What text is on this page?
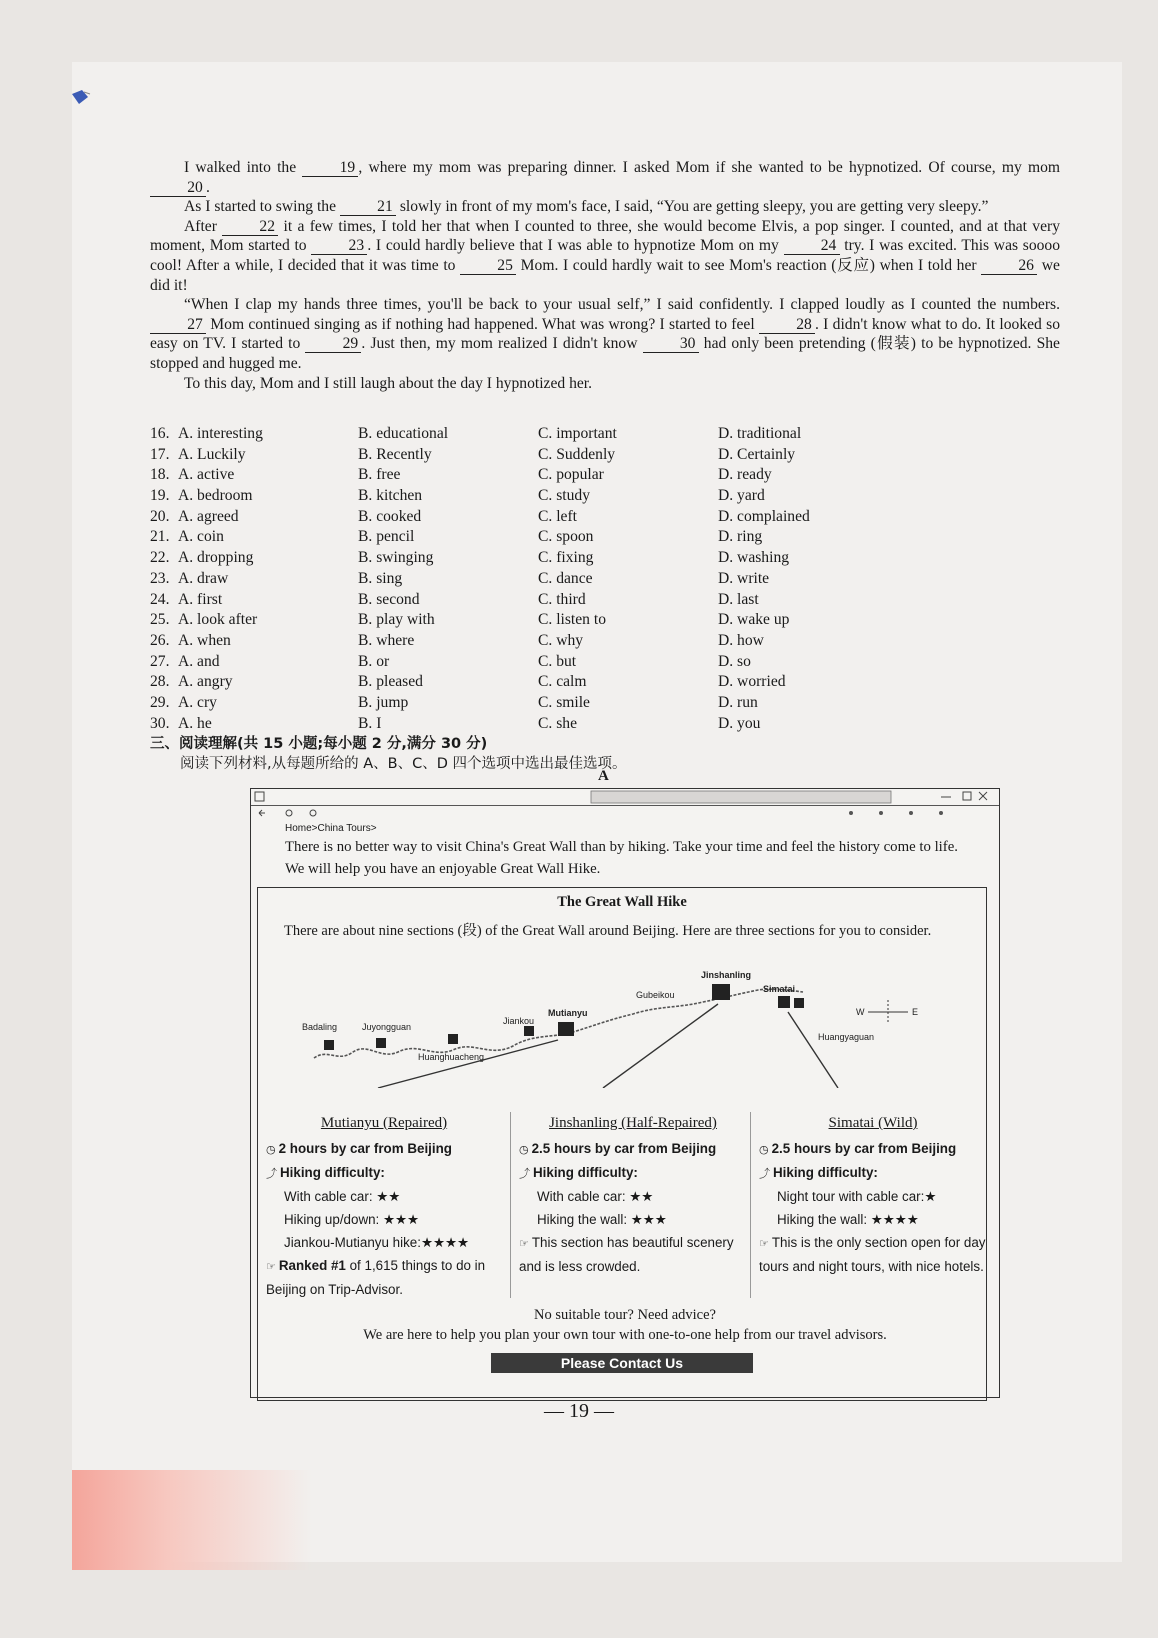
I walked into the	19 , where my mom was preparing dinner. I asked Mom if she wanted to be hypnotized. Of course, my mom 20 .

As I started to swing the	21 slowly in front of my mom's face, I said, “You are getting sleepy, you are getting very sleepy.”

After	22 it a few times, I told her that when I counted to three, she would become Elvis, a pop singer. I counted, and at that very moment, Mom started to	23 . I could hardly believe that I was able to hypnotize Mom on my	24 try. I was excited. This was soooo cool! After a while, I decided that it was time to	25 Mom. I could hardly wait to see Mom's reaction (反应) when I told her	26 we did it!

“When I clap my hands three times, you'll be back to your usual self,” I said confidently. I clapped loudly as I counted the numbers. 27 Mom continued singing as if nothing had happened. What was wrong? I started to feel	28 . I didn't know what to do. It looked so easy on TV. I started to	29 . Just then, my mom realized I didn't know	30 had only been pretending (假装) to be hypnotized. She stopped and hugged me.

To this day, Mom and I still laugh about the day I hypnotized her.

16. A. interesting	B. educational	C. important	D. traditional
17. A. Luckily	B. Recently	C. Suddenly	D. Certainly
18. A. active	B. free	C. popular	D. ready
19. A. bedroom	B. kitchen	C. study	D. yard
20. A. agreed	B. cooked	C. left	D. complained
21. A. coin	B. pencil	C. spoon	D. ring
22. A. dropping	B. swinging	C. fixing	D. washing
23. A. draw	B. sing	C. dance	D. write
24. A. first	B. second	C. third	D. last
25. A. look after	B. play with	C. listen to	D. wake up
26. A. when	B. where	C. why	D. how
27. A. and	B. or	C. but	D. so
28. A. angry	B. pleased	C. calm	D. worried
29. A. cry	B. jump	C. smile	D. run
30. A. he	B. I	C. she	D. you
三、阅读理解(共 15 小题;每小题 2 分,满分 30 分)
阅读下列材料,从每题所给的 A、B、C、D 四个选项中选出最佳选项。
A
Home>China Tours>
There is no better way to visit China's Great Wall than by hiking. Take your time and feel the history come to life. We will help you have an enjoyable Great Wall Hike.
The Great Wall Hike
There are about nine sections (段) of the Great Wall around Beijing. Here are three sections for you to consider.
Badaling	Juyongguan
Huanghuacheng
Jiankou
Mutianyu
Gubeikou
Jinshanling
Simatai
Huangyaguan
W	E
Mutianyu (Repaired)
◷ 2 hours by car from Beijing
⤴ Hiking difficulty:
With cable car: ★★
Hiking up/down: ★★★
Jiankou-Mutianyu hike:★★★★
☞ Ranked #1 of 1,615 things to do in Beijing on Trip-Advisor.
Jinshanling (Half-Repaired)
◷ 2.5 hours by car from Beijing
⤴ Hiking difficulty:
With cable car: ★★
Hiking the wall: ★★★
☞ This section has beautiful scenery and is less crowded.
Simatai (Wild)
◷ 2.5 hours by car from Beijing
⤴ Hiking difficulty:
Night tour with cable car:★
Hiking the wall: ★★★★
☞ This is the only section open for day tours and night tours, with nice hotels.
No suitable tour? Need advice?
We are here to help you plan your own tour with one-to-one help from our travel advisors.
Please Contact Us
— 19 —
